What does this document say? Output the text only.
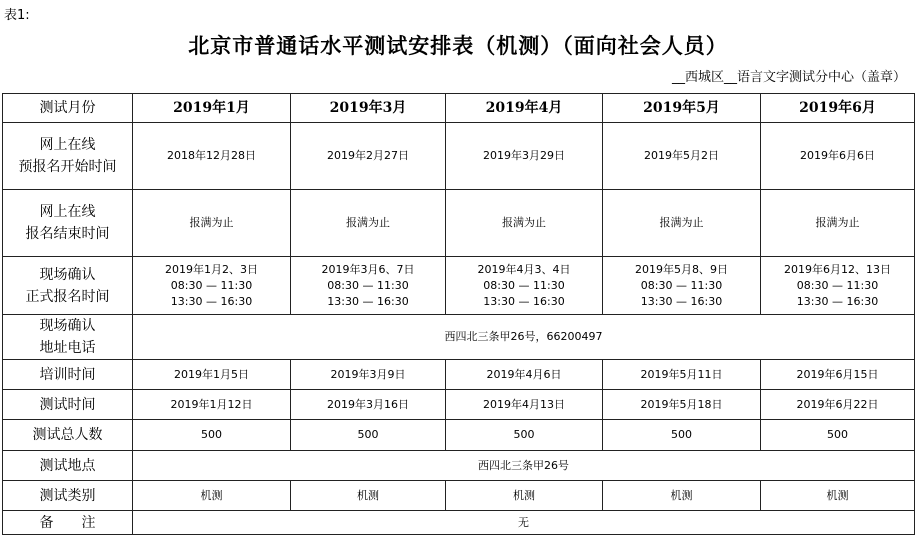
表1:
北京市普通话水平测试安排表（机测）（面向社会人员）
__西城区__语言文字测试分中心（盖章）
测试月份	2019年1月	2019年3月	2019年4月	2019年5月	2019年6月

网上在线
预报名开始时间	2018年12月28日	2019年2月27日	2019年3月29日	2019年5月2日	2019年6月6日

网上在线
报名结束时间	报满为止	报满为止	报满为止	报满为止	报满为止

现场确认
正式报名时间	2019年1月2、3日
08:30 — 11:30
13:30 — 16:30	2019年3月6、7日
08:30 — 11:30
13:30 — 16:30	2019年4月3、4日
08:30 — 11:30
13:30 — 16:30	2019年5月8、9日
08:30 — 11:30
13:30 — 16:30	2019年6月12、13日
08:30 — 11:30
13:30 — 16:30

现场确认
地址电话	西四北三条甲26号，66200497				

培训时间	2019年1月5日	2019年3月9日	2019年4月6日	2019年5月11日	2019年6月15日

测试时间	2019年1月12日	2019年3月16日	2019年4月13日	2019年5月18日	2019年6月22日

测试总人数	500	500	500	500	500

测试地点	西四北三条甲26号				

测试类别	机测	机测	机测	机测	机测

备　　注	无				
